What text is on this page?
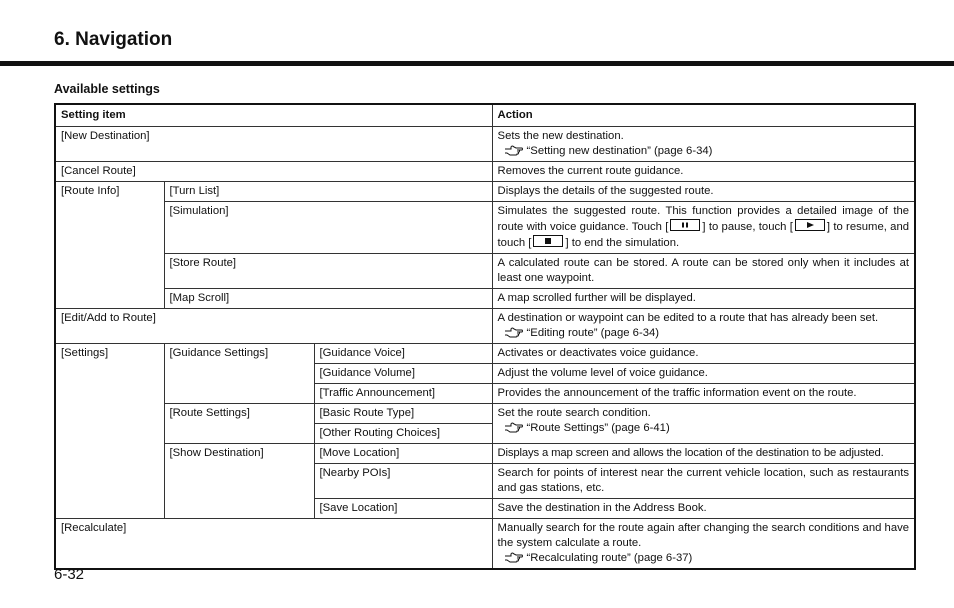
6. Navigation
Available settings
Setting item			Action
[New Destination]			Sets the new destination.
“Setting new destination” (page 6-34)

[Cancel Route]			Removes the current route guidance.
[Route Info]	[Turn List]		Displays the details of the suggested route.
	[Simulation]		Simulates the suggested route. This function provides a detailed image of the route with voice guidance. Touch [ ] to pause, touch [ ] to resume, and touch [ ] to end the simulation.
	[Store Route]		A calculated route can be stored. A route can be stored only when it includes at least one waypoint.
	[Map Scroll]		A map scrolled further will be displayed.
[Edit/Add to Route]			A destination or waypoint can be edited to a route that has already been set.
“Editing route” (page 6-34)

[Settings]	[Guidance Settings]	[Guidance Voice]	Activates or deactivates voice guidance.
		[Guidance Volume]	Adjust the volume level of voice guidance.
		[Traffic Announcement]	Provides the announcement of the traffic information event on the route.
	[Route Settings]	[Basic Route Type]	Set the route search condition.
“Route Settings” (page 6-41)

		[Other Routing Choices]	
	[Show Destination]	[Move Location]	Displays a map screen and allows the location of the destination to be adjusted.
		[Nearby POIs]	Search for points of interest near the current vehicle location, such as restaurants and gas stations, etc.
		[Save Location]	Save the destination in the Address Book.
[Recalculate]			Manually search for the route again after changing the search conditions and have the system calculate a route.
“Recalculating route” (page 6-37)

6-32
